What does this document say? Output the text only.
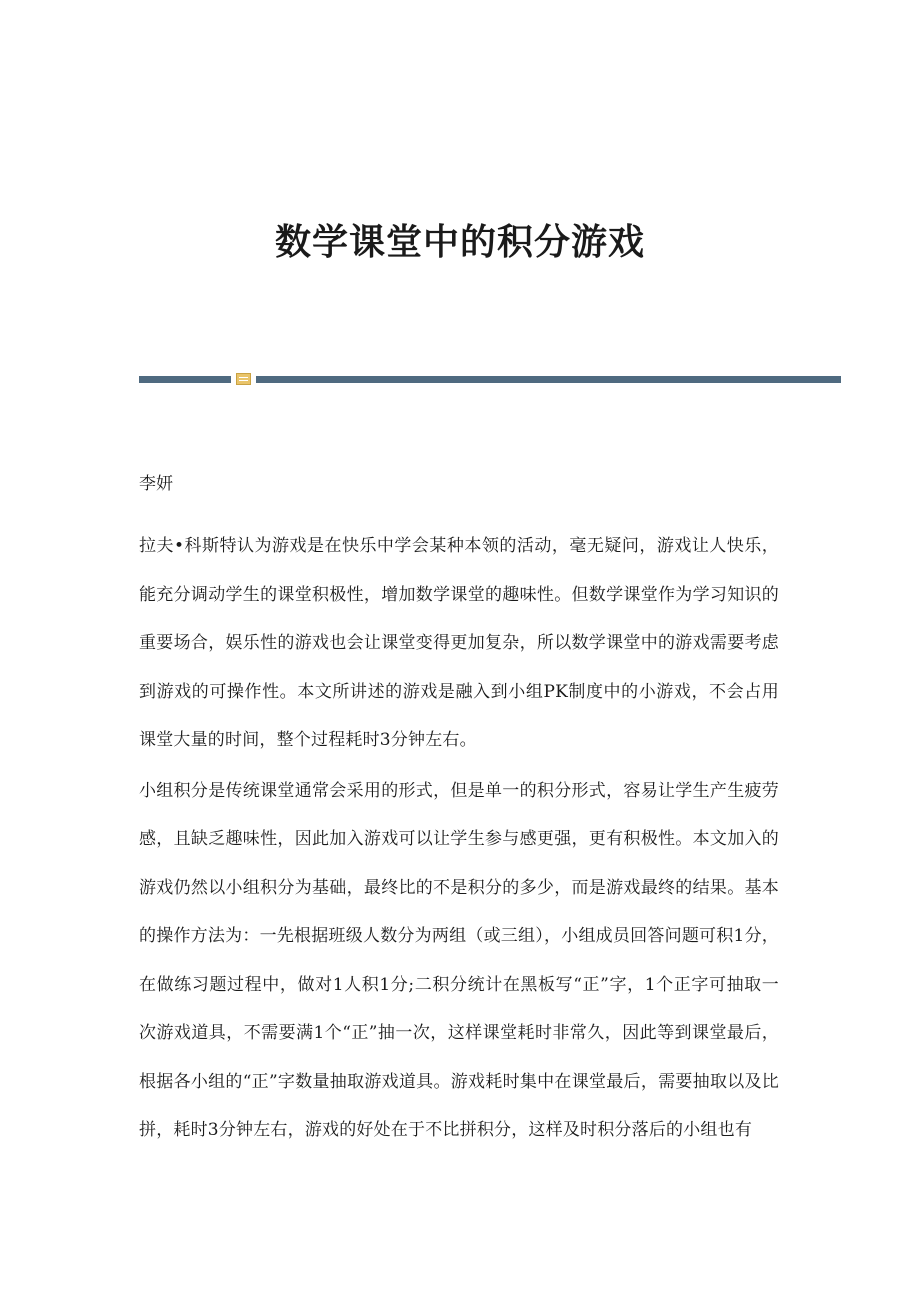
数学课堂中的积分游戏

李妍

拉夫•科斯特认为游戏是在快乐中学会某种本领的活动，毫无疑问，游戏让人快乐，能充分调动学生的课堂积极性，增加数学课堂的趣味性。但数学课堂作为学习知识的重要场合，娱乐性的游戏也会让课堂变得更加复杂，所以数学课堂中的游戏需要考虑到游戏的可操作性。本文所讲述的游戏是融入到小组PK制度中的小游戏，不会占用课堂大量的时间，整个过程耗时3分钟左右。

小组积分是传统课堂通常会采用的形式，但是单一的积分形式，容易让学生产生疲劳感，且缺乏趣味性，因此加入游戏可以让学生参与感更强，更有积极性。本文加入的游戏仍然以小组积分为基础，最终比的不是积分的多少，而是游戏最终的结果。基本的操作方法为：一先根据班级人数分为两组（或三组），小组成员回答问题可积1分，在做练习题过程中，做对1人积1分;二积分统计在黑板写“正”字，1个正字可抽取一次游戏道具，不需要满1个“正”抽一次，这样课堂耗时非常久，因此等到课堂最后，根据各小组的“正”字数量抽取游戏道具。游戏耗时集中在课堂最后，需要抽取以及比拼，耗时3分钟左右，游戏的好处在于不比拼积分，这样及时积分落后的小组也有
